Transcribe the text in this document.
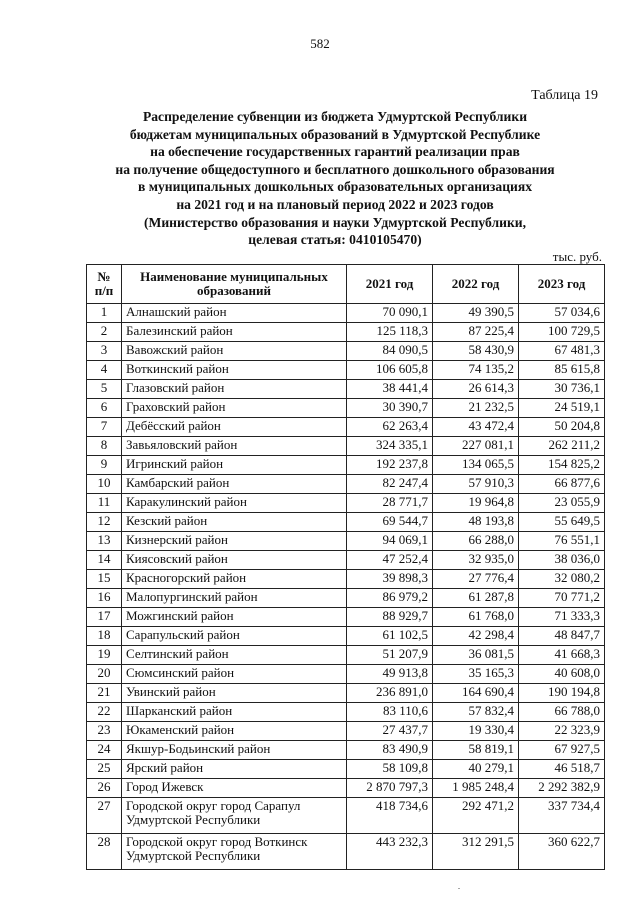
582
Таблица 19
Распределение субвенции из бюджета Удмуртской Республики
бюджетам муниципальных образований в Удмуртской Республике
на обеспечение государственных гарантий реализации прав
на получение общедоступного и бесплатного дошкольного образования
в муниципальных дошкольных образовательных организациях
на 2021 год и на плановый период 2022 и 2023 годов
(Министерство образования и науки Удмуртской Республики,
целевая статья: 0410105470)
тыс. руб.
№ п/п	Наименование муниципальных образований	2021 год	2022 год	2023 год
1	Алнашский район	70 090,1	49 390,5	57 034,6
2	Балезинский район	125 118,3	87 225,4	100 729,5
3	Вавожский район	84 090,5	58 430,9	67 481,3
4	Воткинский район	106 605,8	74 135,2	85 615,8
5	Глазовский район	38 441,4	26 614,3	30 736,1
6	Граховский район	30 390,7	21 232,5	24 519,1
7	Дебёсский район	62 263,4	43 472,4	50 204,8
8	Завьяловский район	324 335,1	227 081,1	262 211,2
9	Игринский район	192 237,8	134 065,5	154 825,2
10	Камбарский район	82 247,4	57 910,3	66 877,6
11	Каракулинский район	28 771,7	19 964,8	23 055,9
12	Кезский район	69 544,7	48 193,8	55 649,5
13	Кизнерский район	94 069,1	66 288,0	76 551,1
14	Киясовский район	47 252,4	32 935,0	38 036,0
15	Красногорский район	39 898,3	27 776,4	32 080,2
16	Малопургинский район	86 979,2	61 287,8	70 771,2
17	Можгинский район	88 929,7	61 768,0	71 333,3
18	Сарапульский район	61 102,5	42 298,4	48 847,7
19	Селтинский район	51 207,9	36 081,5	41 668,3
20	Сюмсинский район	49 913,8	35 165,3	40 608,0
21	Увинский район	236 891,0	164 690,4	190 194,8
22	Шарканский район	83 110,6	57 832,4	66 788,0
23	Юкаменский район	27 437,7	19 330,4	22 323,9
24	Якшур-Бодьинский район	83 490,9	58 819,1	67 927,5
25	Ярский район	58 109,8	40 279,1	46 518,7
26	Город Ижевск	2 870 797,3	1 985 248,4	2 292 382,9
27	Городской округ город Сарапул Удмуртской Республики	418 734,6	292 471,2	337 734,4
28	Городской округ город Воткинск Удмуртской Республики	443 232,3	312 291,5	360 622,7
.
